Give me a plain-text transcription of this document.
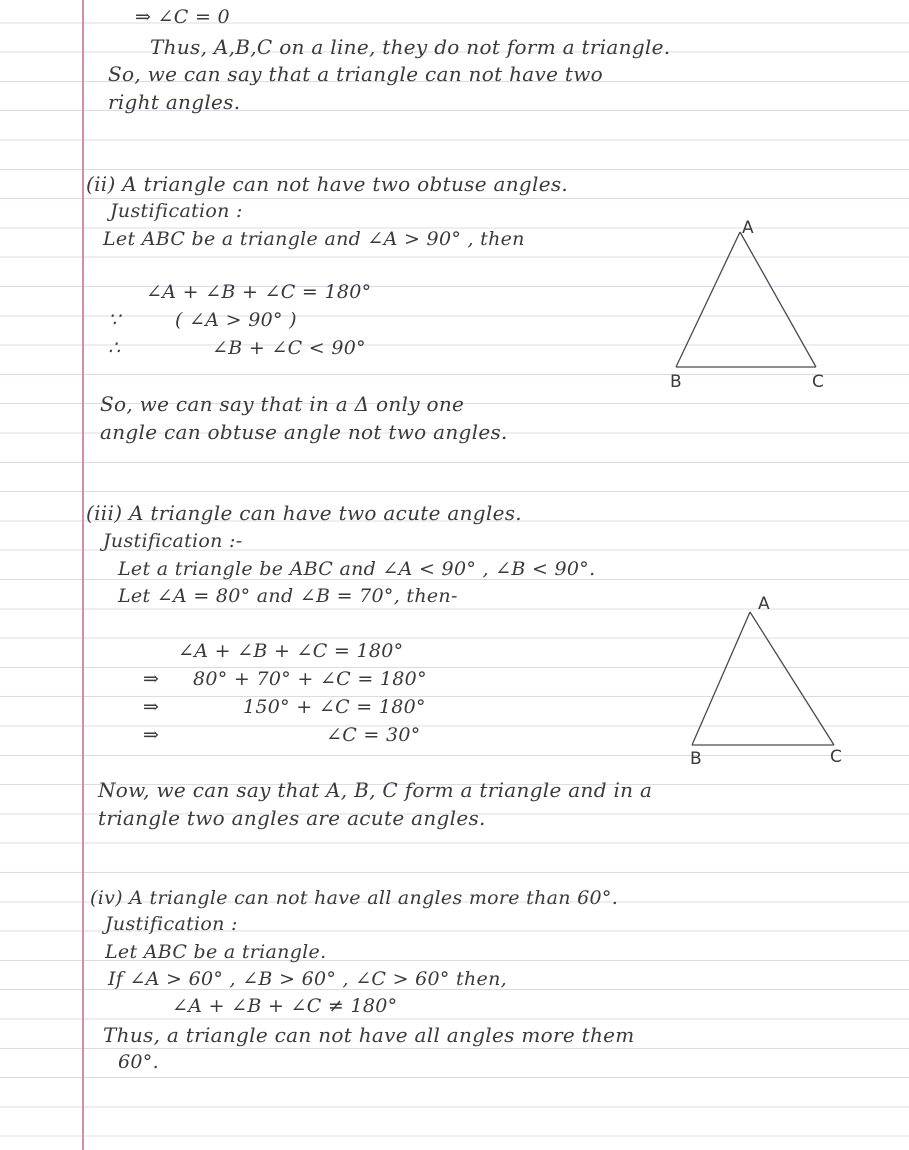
⇒ ∠C = 0
Thus, A,B,C on a line, they do not form a triangle.
So, we can say that a triangle can not have two
right angles.
(ii) A triangle can not have two obtuse angles.
Justification :
Let ABC be a triangle and ∠A > 90° , then
∠A + ∠B + ∠C = 180°
∵	( ∠A > 90° )
∴	∠B + ∠C < 90°
So, we can say that in a Δ only one
angle can obtuse angle not two angles.
A
B	C
(iii) A triangle can have two acute angles.
Justification :-
Let a triangle be ABC and ∠A < 90° , ∠B < 90°.
Let ∠A = 80° and ∠B = 70°, then-
∠A + ∠B + ∠C = 180°
⇒ 80° + 70° + ∠C = 180°
⇒	150° + ∠C = 180°
⇒	∠C = 30°
Now, we can say that A, B, C form a triangle and in a
triangle two angles are acute angles.
A
B	C
(iv) A triangle can not have all angles more than 60°.
Justification :
Let ABC be a triangle.
If ∠A > 60° , ∠B > 60° , ∠C > 60° then,
∠A + ∠B + ∠C ≠ 180°
Thus, a triangle can not have all angles more them
60°.
